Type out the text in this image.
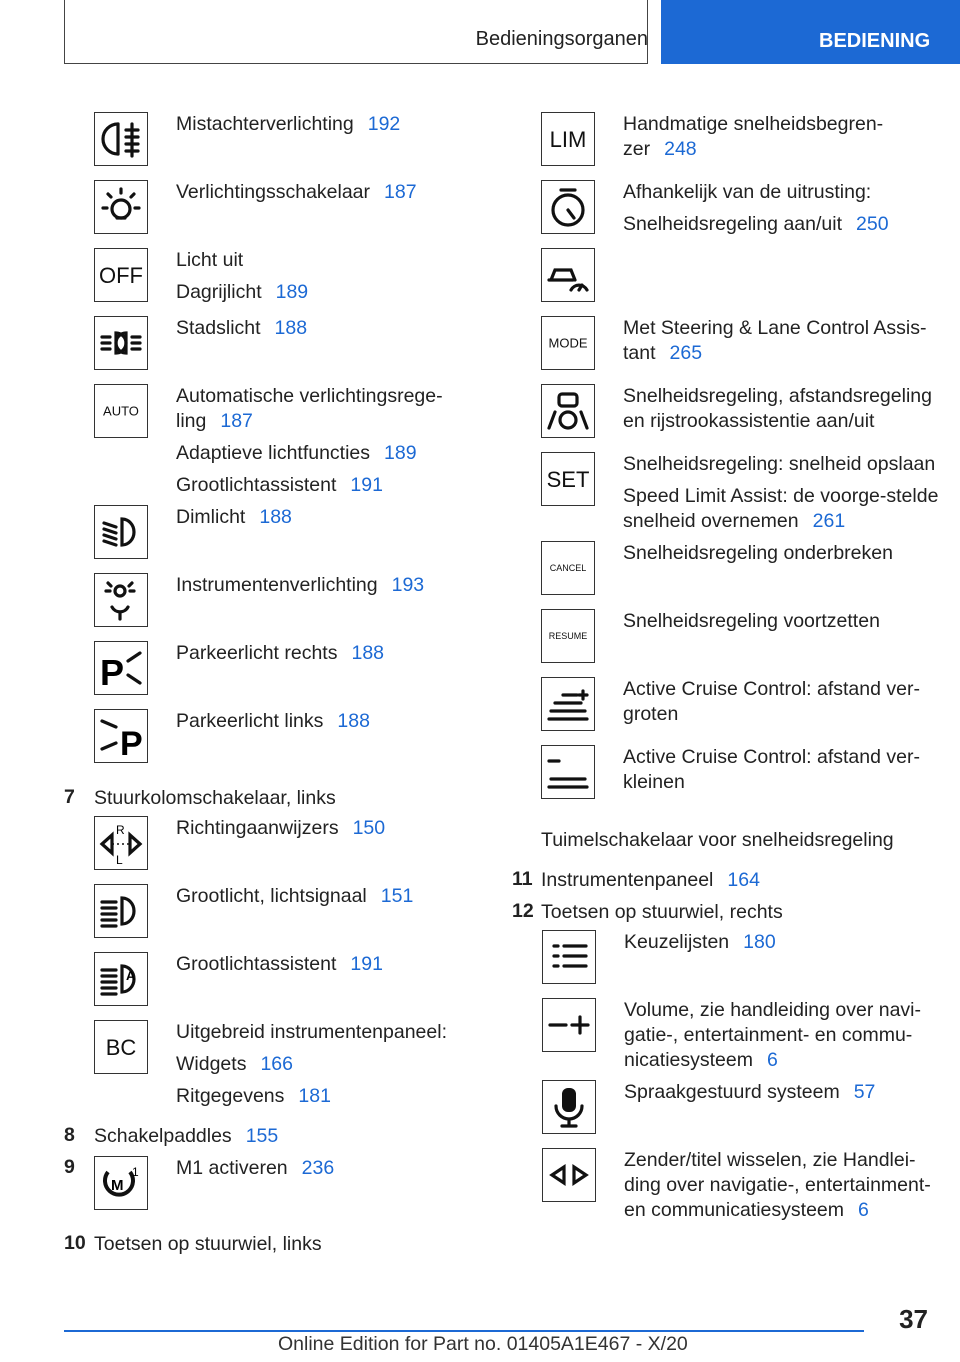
Bedieningsorganen	BEDIENING

Mistachterverlichting 192

Verlichtingsschakelaar 187

OFF

Licht uit

Dagrijlicht 189

Stadslicht 188

AUTO

Automatische verlichtingsrege-ling 187

Adaptieve lichtfuncties 189

Grootlichtassistent 191

Dimlicht 188

Instrumentenverlichting 193

P	Parkeerlicht rechts 188

P

Parkeerlicht links 188

7 Stuurkolomschakelaar, links
R
L

Richtingaanwijzers 150

Grootlicht, lichtsignaal 151

A

Grootlichtassistent 191

BC

Uitgebreid instrumentenpaneel:

Widgets 166

Ritgegevens 181

8 Schakelpaddles 155
9
M
1 M1 activeren 236
10 Toetsen op stuurwiel, links
LIM

Handmatige snelheidsbegren-zer 248

Afhankelijk van de uitrusting:

Snelheidsregeling aan/uit 250

MODE

Met Steering & Lane Control Assis-tant 265

Snelheidsregeling, afstandsregeling en rijstrookassistentie aan/uit

SET

Snelheidsregeling: snelheid opslaan

Speed Limit Assist: de voorge-stelde snelheid overnemen 261

CANCEL

Snelheidsregeling onderbreken

RESUME

Snelheidsregeling voortzetten

Active Cruise Control: afstand ver-groten

Active Cruise Control: afstand ver-kleinen

Tuimelschakelaar voor snelheidsregeling
11 Instrumentenpaneel 164
12 Toetsen op stuurwiel, rechts

Keuzelijsten 180

Volume, zie handleiding over navi-gatie-, entertainment- en commu-nicatiesysteem 6

Spraakgestuurd systeem 57

Zender/titel wisselen, zie Handlei-ding over navigatie-, entertainment-en communicatiesysteem 6

37
Online Edition for Part no. 01405A1E467 - X/20
